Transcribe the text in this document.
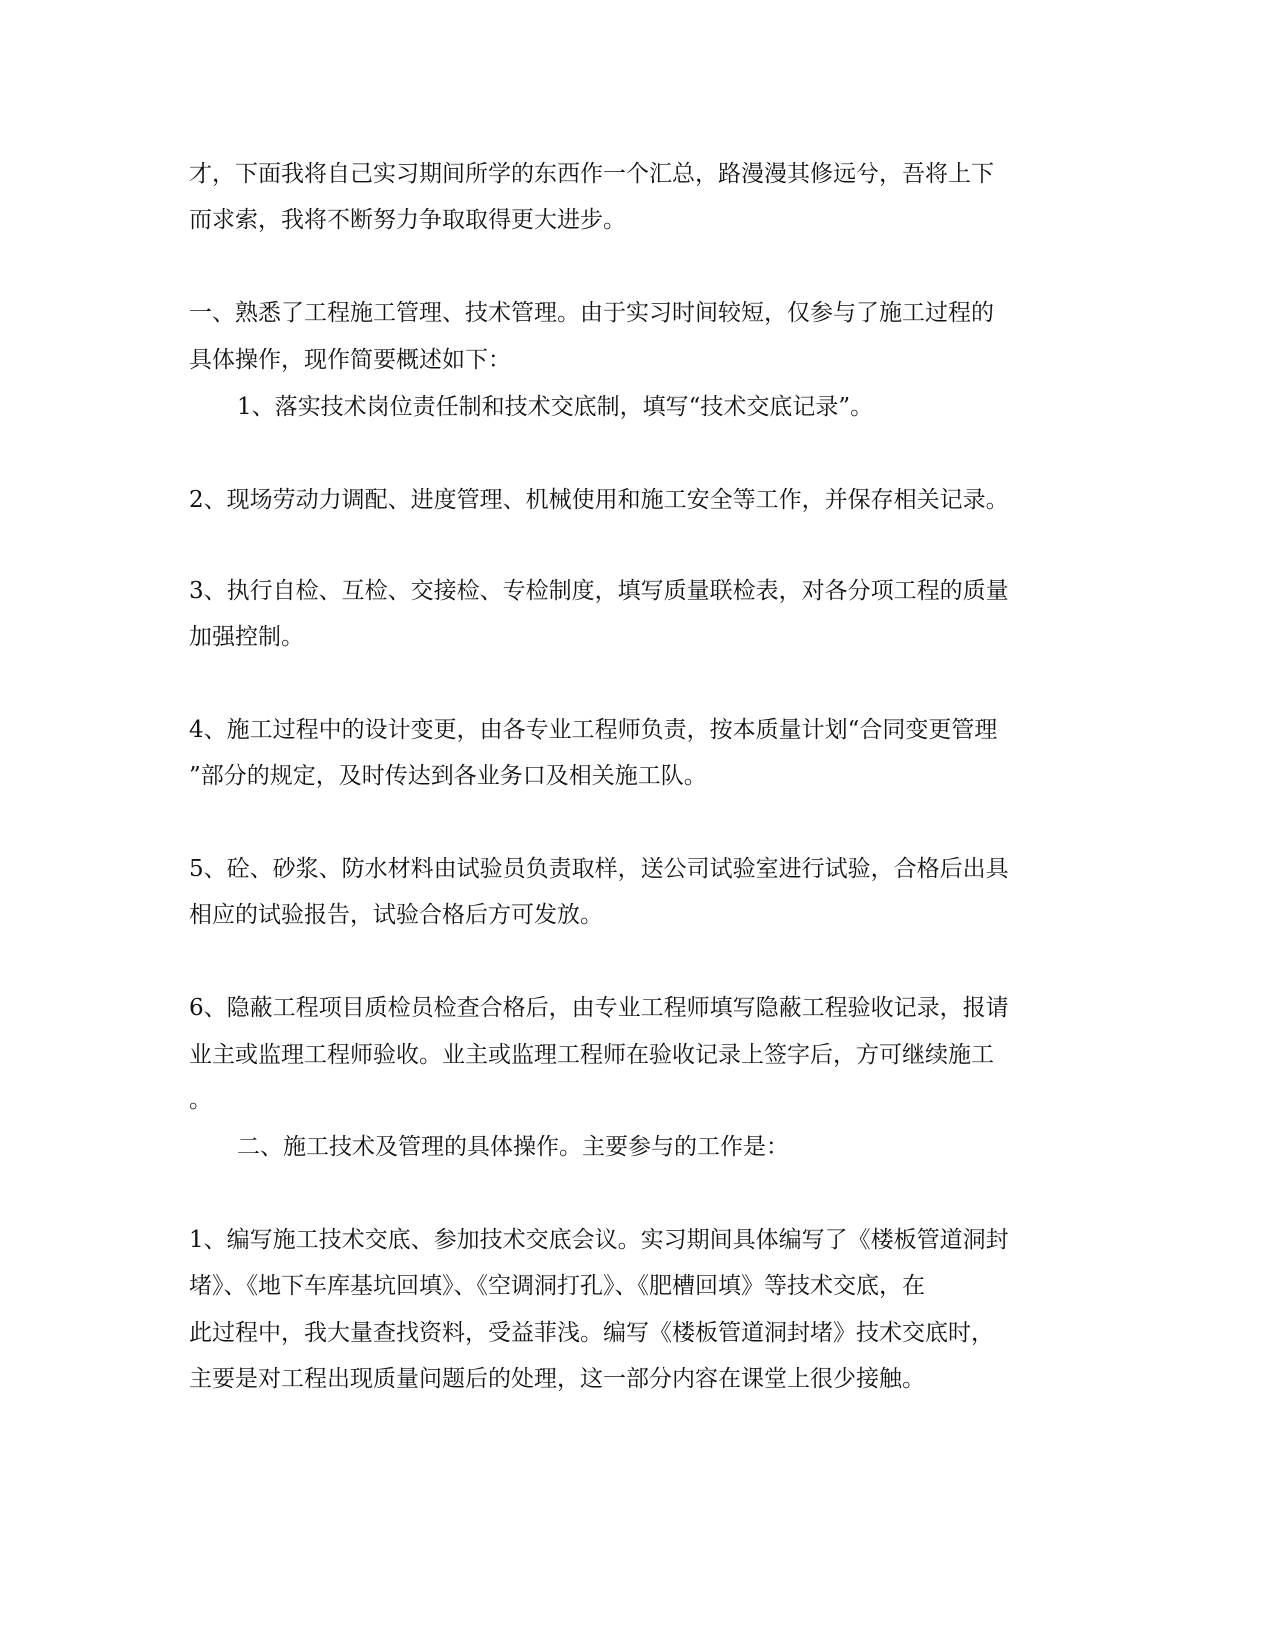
才，下面我将自己实习期间所学的东西作一个汇总，路漫漫其修远兮，吾将上下

而求索，我将不断努力争取取得更大进步。

一、熟悉了工程施工管理、技术管理。由于实习时间较短，仅参与了施工过程的

具体操作，现作简要概述如下：

1、落实技术岗位责任制和技术交底制，填写“技术交底记录”。

2、现场劳动力调配、进度管理、机械使用和施工安全等工作，并保存相关记录。

3、执行自检、互检、交接检、专检制度，填写质量联检表，对各分项工程的质量

加强控制。

4、施工过程中的设计变更，由各专业工程师负责，按本质量计划“合同变更管理

”部分的规定，及时传达到各业务口及相关施工队。

5、砼、砂浆、防水材料由试验员负责取样，送公司试验室进行试验，合格后出具

相应的试验报告，试验合格后方可发放。

6、隐蔽工程项目质检员检查合格后，由专业工程师填写隐蔽工程验收记录，报请

业主或监理工程师验收。业主或监理工程师在验收记录上签字后，方可继续施工

。

二、施工技术及管理的具体操作。主要参与的工作是：

1、编写施工技术交底、参加技术交底会议。实习期间具体编写了《楼板管道洞封

堵》、《地下车库基坑回填》、《空调洞打孔》、《肥槽回填》等技术交底，在

此过程中，我大量查找资料，受益菲浅。编写《楼板管道洞封堵》技术交底时，

主要是对工程出现质量问题后的处理，这一部分内容在课堂上很少接触。
